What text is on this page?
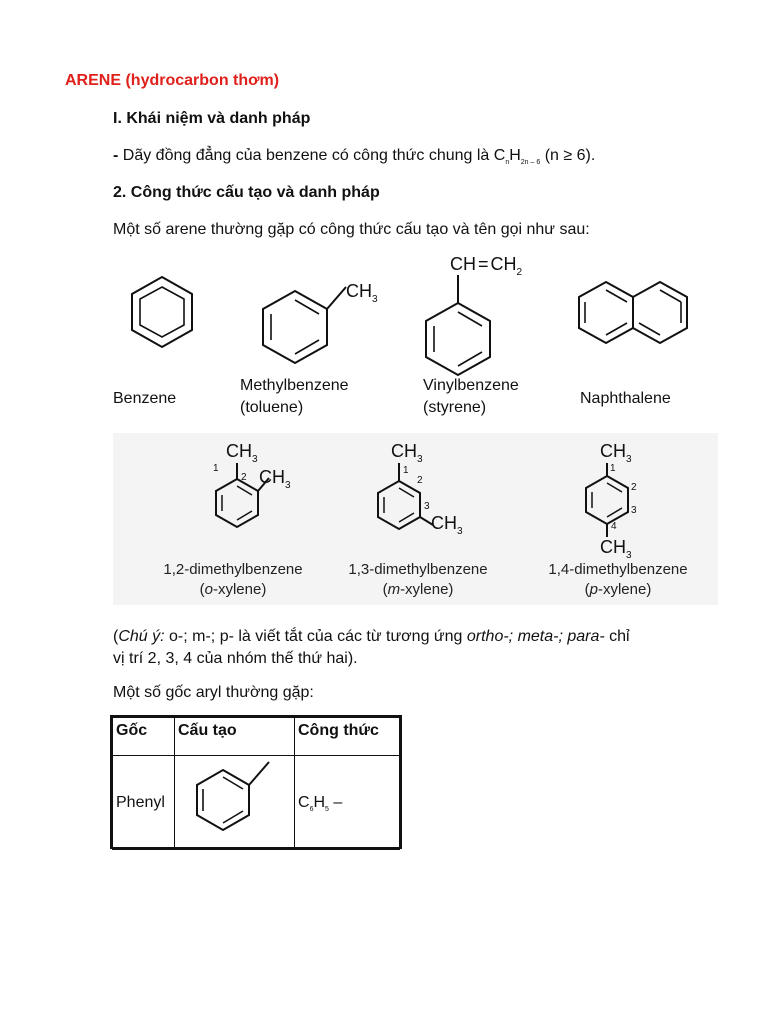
ARENE (hydrocarbon thơm)
I. Khái niệm và danh pháp
- Dãy đồng đẳng của benzene có công thức chung là $C_nH_{2n - 6}$ (n ≥ 6).
2. Công thức cấu tạo và danh pháp
Một số arene thường gặp có công thức cấu tạo và tên gọi như sau:
$CH_3$
CH = $CH_2$
Benzene
Methylbenzene
(toluene)
Vinylbenzene
(styrene)
Naphthalene
$CH_3$
$CH_3$
1
2
$CH_3$
$CH_3$
1
2
3
$CH_3$
$CH_3$
1
2
3
4
1,2-dimethylbenzene
(o-xylene)
1,3-dimethylbenzene
(m-xylene)
1,4-dimethylbenzene
(p-xylene)
(Chú ý: o-; m-; p- là viết tắt của các từ tương ứng ortho-; meta-; para- chỉ
vị trí 2, 3, 4 của nhóm thế thứ hai).
Một số gốc aryl thường gặp:
Gốc	Cấu tạo	Công thức
Phenyl		$C_6H_5$ –
